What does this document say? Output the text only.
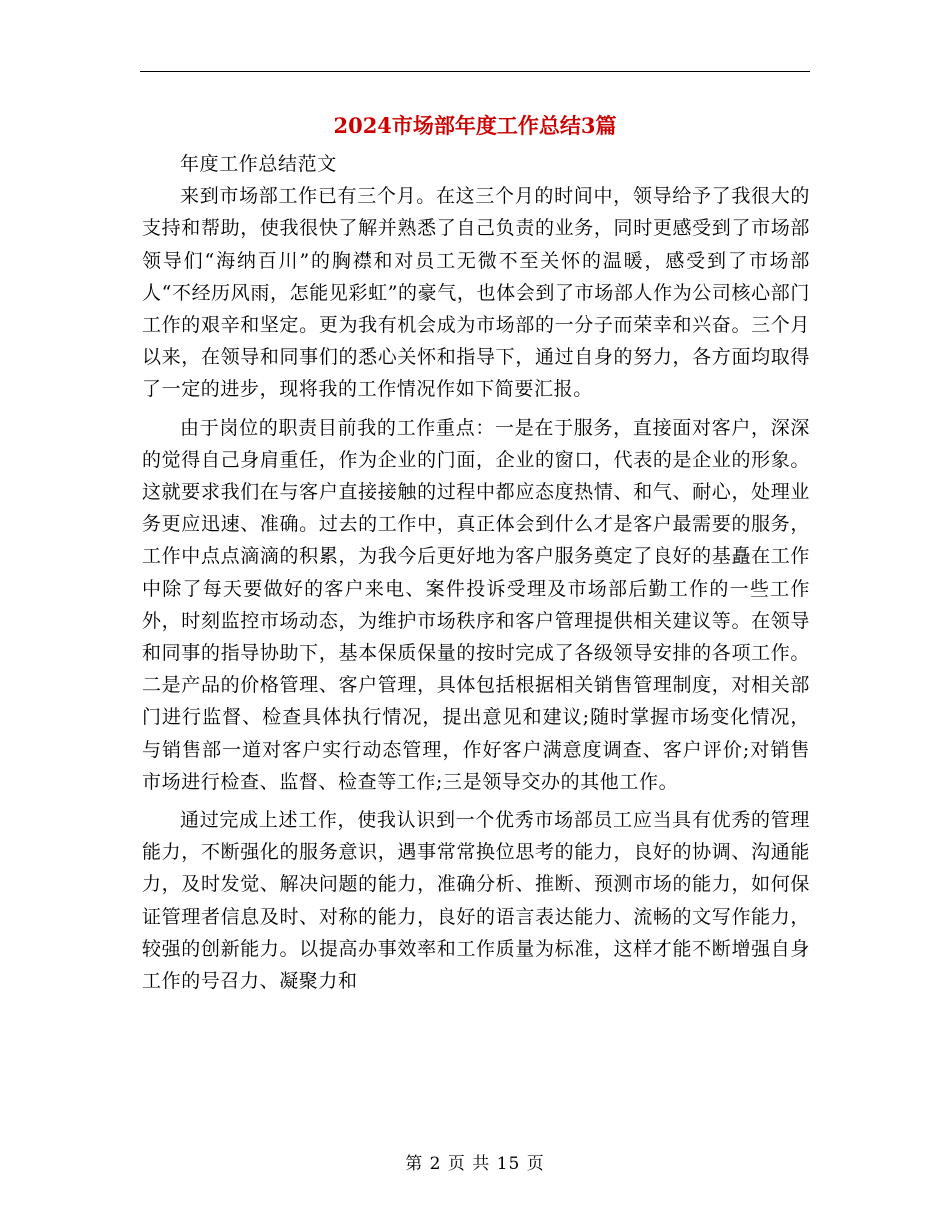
2024市场部年度工作总结3篇

年度工作总结范文

来到市场部工作已有三个月。在这三个月的时间中，领导给予了我很大的支持和帮助，使我很快了解并熟悉了自己负责的业务，同时更感受到了市场部领导们“海纳百川”的胸襟和对员工无微不至关怀的温暖，感受到了市场部人“不经历风雨，怎能见彩虹”的豪气，也体会到了市场部人作为公司核心部门工作的艰辛和坚定。更为我有机会成为市场部的一分子而荣幸和兴奋。三个月以来，在领导和同事们的悉心关怀和指导下，通过自身的努力，各方面均取得了一定的进步，现将我的工作情况作如下简要汇报。

由于岗位的职责目前我的工作重点：一是在于服务，直接面对客户，深深的觉得自己身肩重任，作为企业的门面，企业的窗口，代表的是企业的形象。这就要求我们在与客户直接接触的过程中都应态度热情、和气、耐心，处理业务更应迅速、准确。过去的工作中，真正体会到什么才是客户最需要的服务，工作中点点滴滴的积累，为我今后更好地为客户服务奠定了良好的基矗在工作中除了每天要做好的客户来电、案件投诉受理及市场部后勤工作的一些工作外，时刻监控市场动态，为维护市场秩序和客户管理提供相关建议等。在领导和同事的指导协助下，基本保质保量的按时完成了各级领导安排的各项工作。二是产品的价格管理、客户管理，具体包括根据相关销售管理制度，对相关部门进行监督、检查具体执行情况，提出意见和建议;随时掌握市场变化情况，与销售部一道对客户实行动态管理，作好客户满意度调查、客户评价;对销售市场进行检查、监督、检查等工作;三是领导交办的其他工作。

通过完成上述工作，使我认识到一个优秀市场部员工应当具有优秀的管理能力，不断强化的服务意识，遇事常常换位思考的能力，良好的协调、沟通能力，及时发觉、解决问题的能力，准确分析、推断、预测市场的能力，如何保证管理者信息及时、对称的能力，良好的语言表达能力、流畅的文写作能力，较强的创新能力。以提高办事效率和工作质量为标准，这样才能不断增强自身工作的号召力、凝聚力和

第 2 页 共 15 页
